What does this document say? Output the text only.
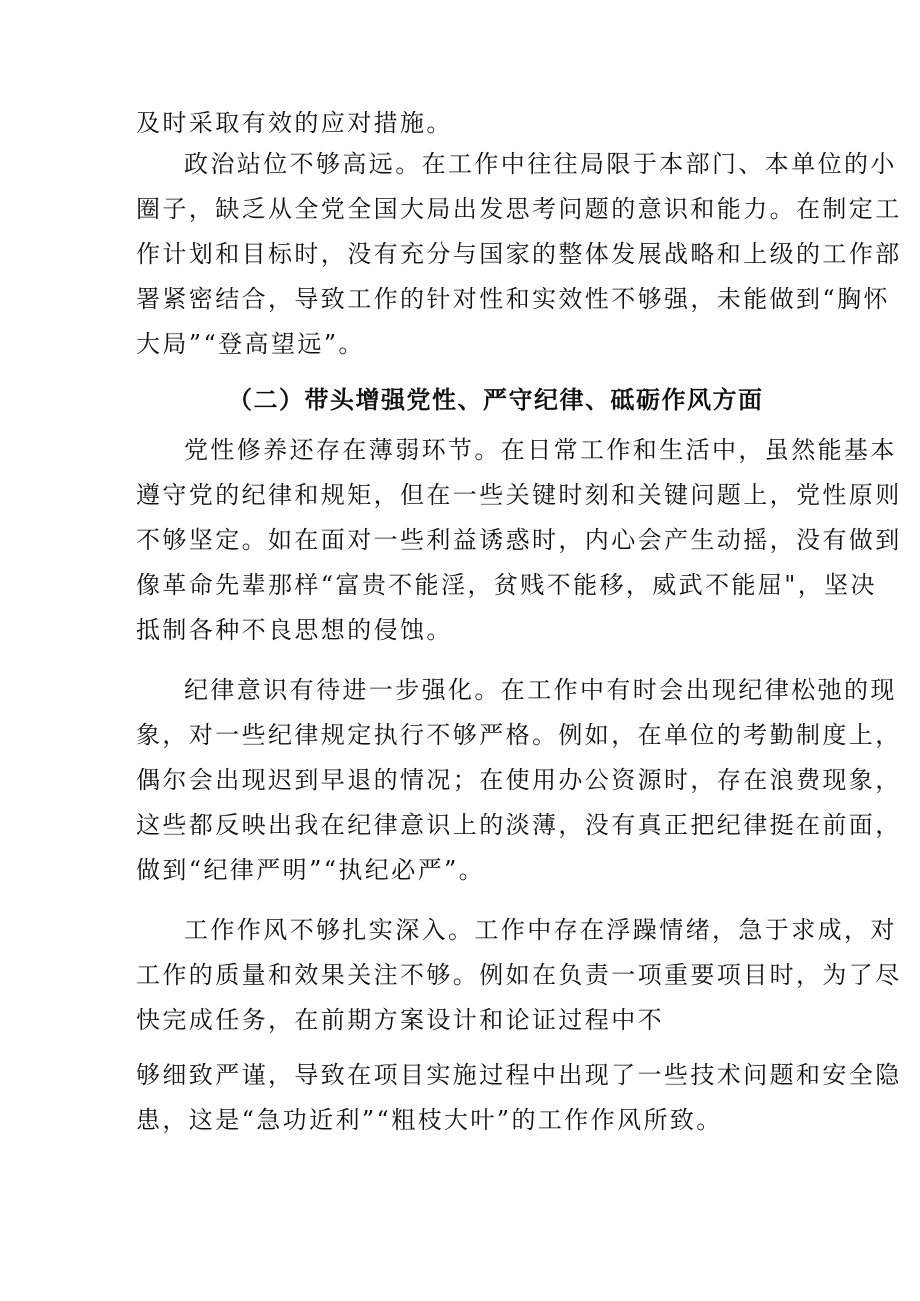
及时采取有效的应对措施。
政治站位不够高远。在工作中往往局限于本部门、本单位的小
圈子，缺乏从全党全国大局出发思考问题的意识和能力。在制定工
作计划和目标时，没有充分与国家的整体发展战略和上级的工作部
署紧密结合，导致工作的针对性和实效性不够强，未能做到“胸怀
大局”“登高望远”。
（二）带头增强党性、严守纪律、砥砺作风方面
党性修养还存在薄弱环节。在日常工作和生活中，虽然能基本
遵守党的纪律和规矩，但在一些关键时刻和关键问题上，党性原则
不够坚定。如在面对一些利益诱惑时，内心会产生动摇，没有做到
像革命先辈那样“富贵不能淫，贫贱不能移，威武不能屈"，坚决
抵制各种不良思想的侵蚀。
纪律意识有待进一步强化。在工作中有时会出现纪律松弛的现
象，对一些纪律规定执行不够严格。例如，在单位的考勤制度上，
偶尔会出现迟到早退的情况；在使用办公资源时，存在浪费现象，
这些都反映出我在纪律意识上的淡薄，没有真正把纪律挺在前面，
做到“纪律严明”“执纪必严”。
工作作风不够扎实深入。工作中存在浮躁情绪，急于求成，对
工作的质量和效果关注不够。例如在负责一项重要项目时，为了尽
快完成任务，在前期方案设计和论证过程中不
够细致严谨，导致在项目实施过程中出现了一些技术问题和安全隐
患，这是“急功近利”“粗枝大叶”的工作作风所致。
